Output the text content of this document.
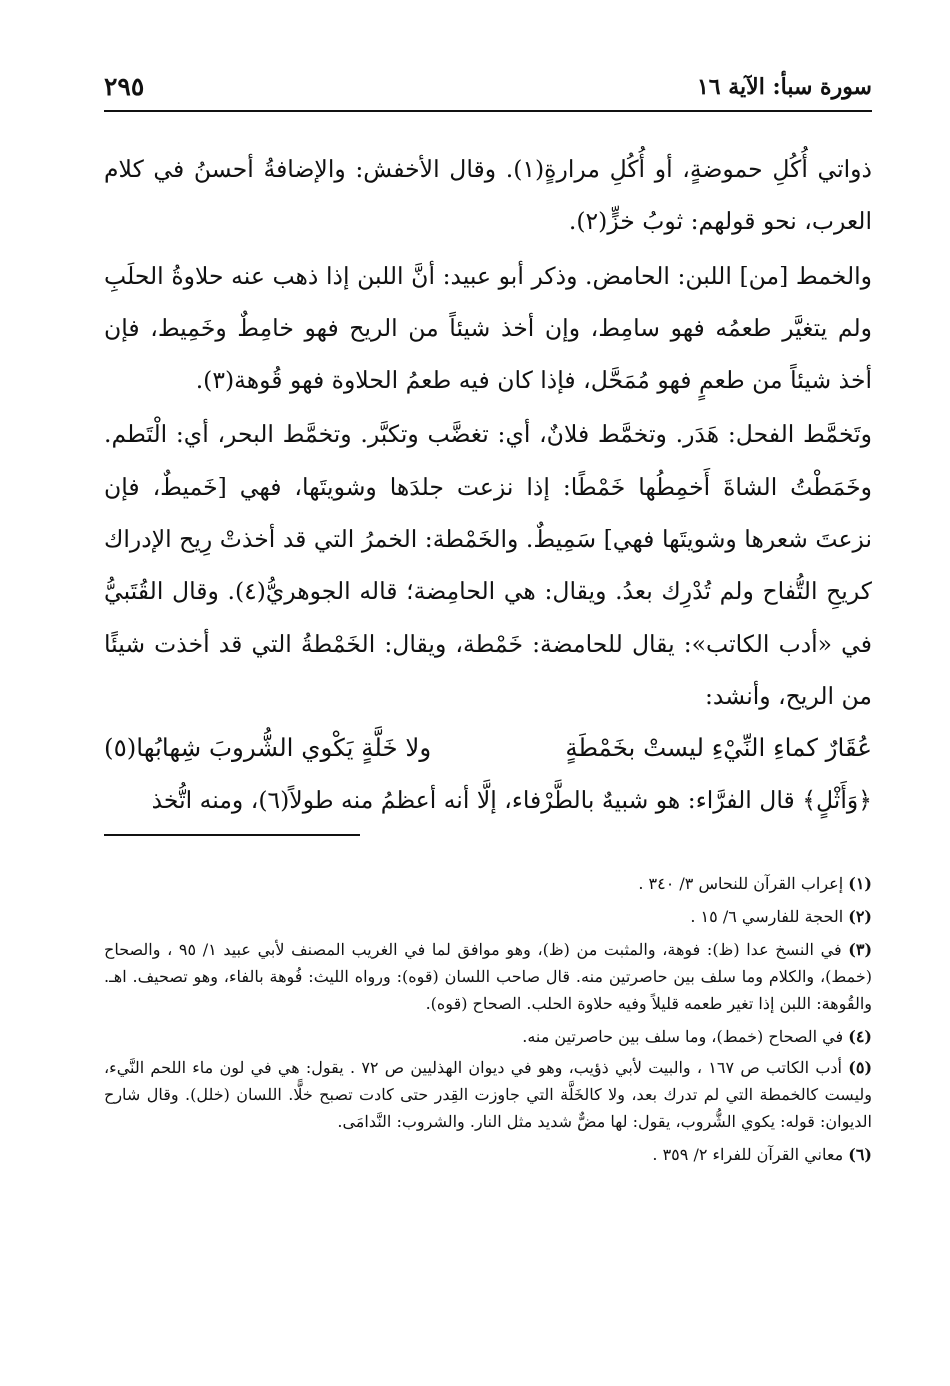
سورة سبأ: الآية ١٦
٢٩٥

ذواتي أُكُلِ حموضةٍ، أو أُكُلِ مرارةٍ(١). وقال الأخفش: والإضافةُ أحسنُ في كلام العرب، نحو قولهم: ثوبُ خزٍّ(٢).

والخمط [من] اللبن: الحامض. وذكر أبو عبيد: أنَّ اللبن إذا ذهب عنه حلاوةُ الحلَبِ ولم يتغيَّر طعمُه فهو سامِط، وإن أخذ شيئاً من الريح فهو خامِطٌ وخَمِيط، فإن أخذ شيئاً من طعمٍ فهو مُمَحَّل، فإذا كان فيه طعمُ الحلاوة فهو قُوهة(٣).

وتَخمَّط الفحل: هَدَر. وتخمَّط فلانٌ، أي: تغضَّب وتكبَّر. وتخمَّط البحر، أي: الْتَطم. وخَمَطْتُ الشاةَ أَخمِطُها خَمْطًا: إذا نزعت جلدَها وشويتَها، فهي [خَميطٌ، فإن نزعتَ شعرها وشويتَها فهي] سَمِيطٌ. والخَمْطة: الخمرُ التي قد أخذتْ رِيح الإدراك كريحِ التُّفاح ولم تُدْرِك بعدُ. ويقال: هي الحامِضة؛ قاله الجوهريُّ(٤). وقال القُتَبيُّ في «أدب الكاتب»: يقال للحامضة: خَمْطة، ويقال: الخَمْطةُ التي قد أخذت شيئًا من الريح، وأنشد:

عُقَارٌ كماءِ النِّيْءِ ليستْ بخَمْطَةٍ
ولا خَلَّةٍ يَكْوي الشُّروبَ شِهابُها(٥)

﴿وَأَثْلٍ﴾ قال الفرَّاء: هو شبيهٌ بالطَّرْفاء، إلَّا أنه أعظمُ منه طولاً(٦)، ومنه اتُّخذ

(١) إعراب القرآن للنحاس ٣/ ٣٤٠ .
(٢) الحجة للفارسي ٦/ ١٥ .
(٣) في النسخ عدا (ظ): فوهة، والمثبت من (ظ)، وهو موافق لما في الغريب المصنف لأبي عبيد ١/ ٩٥ ، والصحاح (خمط)، والكلام وما سلف بين حاصرتين منه. قال صاحب اللسان (قوه): ورواه الليث: فُوهة بالفاء، وهو تصحيف. اهـ. والقُوهة: اللبن إذا تغير طعمه قليلاً وفيه حلاوة الحلب. الصحاح (قوه).
(٤) في الصحاح (خمط)، وما سلف بين حاصرتين منه.
(٥) أدب الكاتب ص ١٦٧ ، والبيت لأبي ذؤيب، وهو في ديوان الهذليين ص ٧٢ . يقول: هي في لون ماء اللحم النَّيء، وليست كالخمطة التي لم تدرك بعد، ولا كالخَلَّة التي جاوزت القِدر حتى كادت تصبح خلًّا. اللسان (خلل). وقال شارح الديوان: قوله: يكوي الشُّروب، يقول: لها مضٌّ شديد مثل النار. والشروب: النَّدامَى.
(٦) معاني القرآن للفراء ٢/ ٣٥٩ .
